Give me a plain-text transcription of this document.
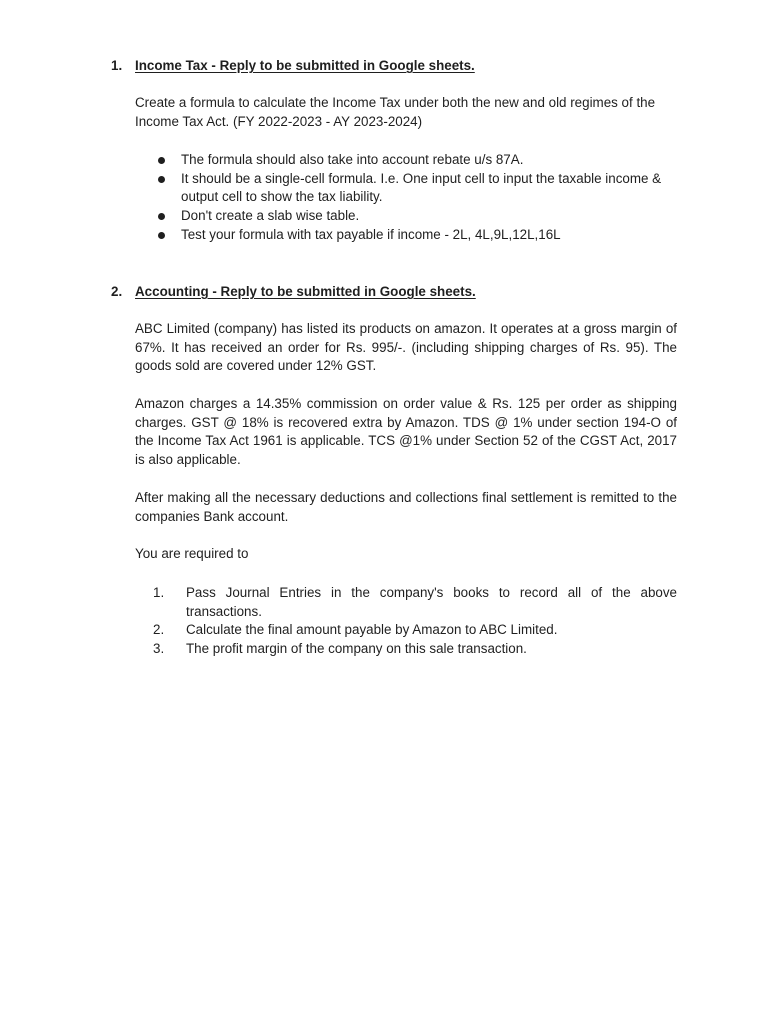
1. Income Tax - Reply to be submitted in Google sheets.

Create a formula to calculate the Income Tax under both the new and old regimes of the

Income Tax Act. (FY 2022-2023 - AY 2023-2024)

The formula should also take into account rebate u/s 87A.
It should be a single-cell formula. I.e. One input cell to input the taxable income & output cell to show the tax liability.
Don't create a slab wise table.
Test your formula with tax payable if income - 2L, 4L,9L,12L,16L
2. Accounting - Reply to be submitted in Google sheets.

ABC Limited (company) has listed its products on amazon. It operates at a gross margin of 67%. It has received an order for Rs. 995/-. (including shipping charges of Rs. 95). The goods sold are covered under 12% GST.

Amazon charges a 14.35% commission on order value & Rs. 125 per order as shipping charges. GST @ 18% is recovered extra by Amazon. TDS @ 1% under section 194-O of the Income Tax Act 1961 is applicable. TCS @1% under Section 52 of the CGST Act, 2017 is also applicable.

After making all the necessary deductions and collections final settlement is remitted to the companies Bank account.

You are required to

1. Pass Journal Entries in the company's books to record all of the above transactions.
2. Calculate the final amount payable by Amazon to ABC Limited.
3. The profit margin of the company on this sale transaction.
